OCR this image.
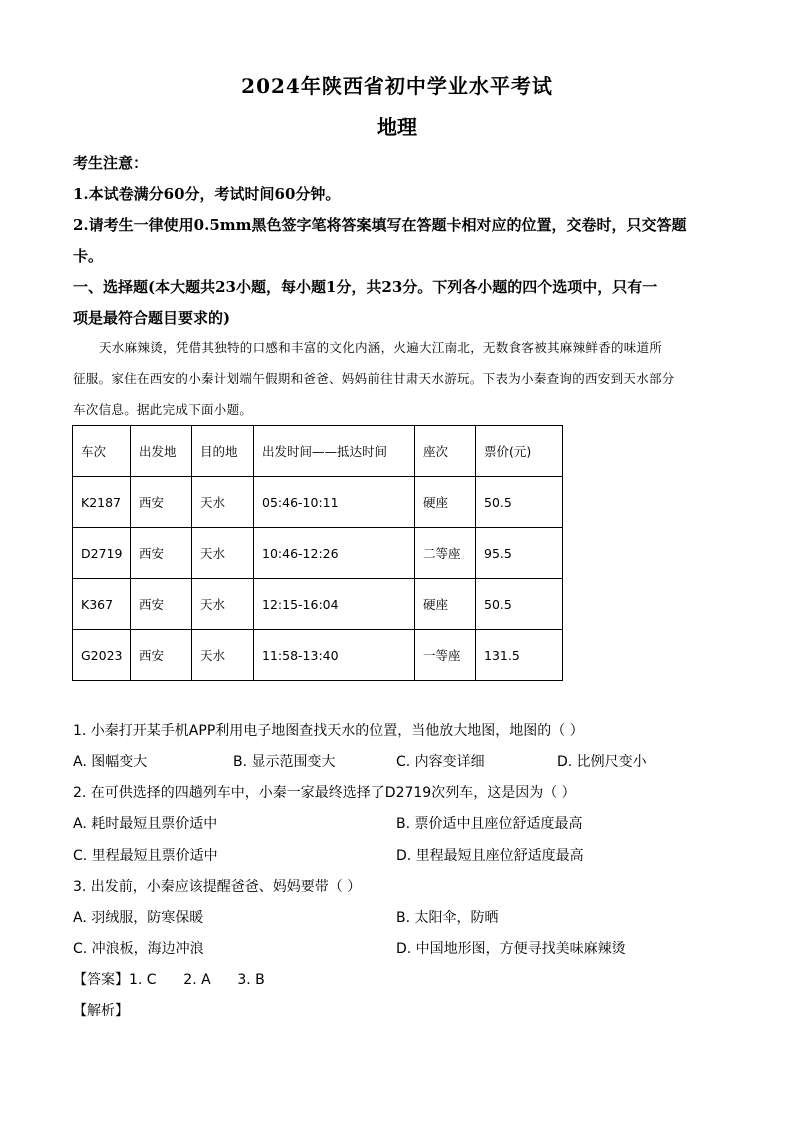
2024年陕西省初中学业水平考试
地理
考生注意：
1.本试卷满分60分，考试时间60分钟。
2.请考生一律使用0.5mm黑色签字笔将答案填写在答题卡相对应的位置，交卷时，只交答题
卡。
一、选择题(本大题共23小题，每小题1分，共23分。下列各小题的四个选项中，只有一
项是最符合题目要求的)

天水麻辣烫，凭借其独特的口感和丰富的文化内涵，火遍大江南北，无数食客被其麻辣鲜香的味道所

征服。家住在西安的小秦计划端午假期和爸爸、妈妈前往甘肃天水游玩。下表为小秦查询的西安到天水部分

车次信息。据此完成下面小题。

车次	出发地	目的地	出发时间——抵达时间	座次	票价(元)
K2187	西安	天水	05:46-10:11	硬座	50.5
D2719	西安	天水	10:46-12:26	二等座	95.5
K367	西安	天水	12:15-16:04	硬座	50.5
G2023	西安	天水	11:58-13:40	一等座	131.5
1. 小秦打开某手机APP利用电子地图查找天水的位置，当他放大地图，地图的（ ）
A. 图幅变大	B. 显示范围变大	C. 内容变详细	D. 比例尺变小
2. 在可供选择的四趟列车中，小秦一家最终选择了D2719次列车，这是因为（ ）
A. 耗时最短且票价适中	B. 票价适中且座位舒适度最高
C. 里程最短且票价适中	D. 里程最短且座位舒适度最高
3. 出发前，小秦应该提醒爸爸、妈妈要带（ ）
A. 羽绒服，防寒保暖	B. 太阳伞，防晒
C. 冲浪板，海边冲浪	D. 中国地形图，方便寻找美味麻辣烫
【答案】1. C      2. A      3. B
【解析】
